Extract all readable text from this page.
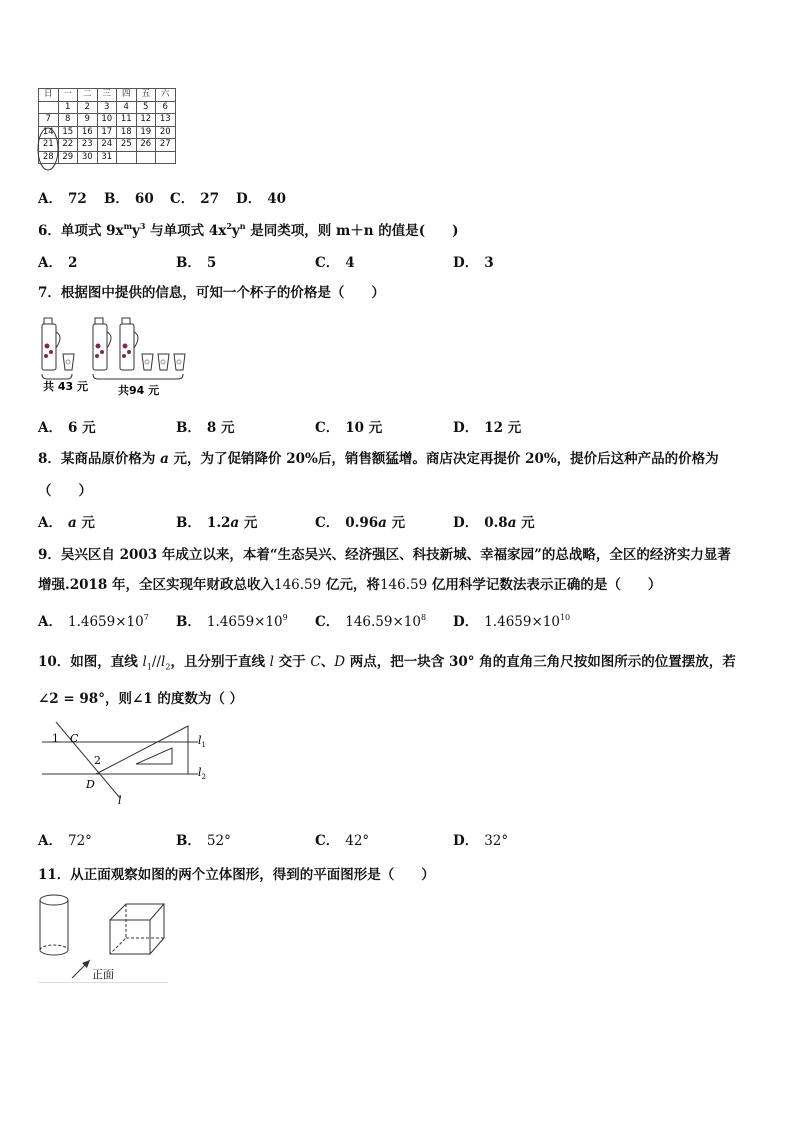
日	一	二	三	四	五	六
	1	2	3	4	5	6
7	8	9	10	11	12	13
14	15	16	17	18	19	20
21	22	23	24	25	26	27
28	29	30	31			
A． 72 B． 60 C． 27 D． 40
6．单项式 $9x^my^3$ 与单项式 $4x^2y^n$ 是同类项，则 m＋n 的值是(　　)
A． 2	B． 5	C． 4	D． 3
7．根据图中提供的信息，可知一个杯子的价格是（　　）
共 43 元	共94 元
A． 6 元	B． 8 元	C． 10 元	D． 12 元
8．某商品原价格为 a 元，为了促销降价 20%后，销售额猛增。商店决定再提价 20%，提价后这种产品的价格为
（　　）
A． a 元	B． 1.2a 元	C． 0.96a 元	D． 0.8a 元
9．吴兴区自 2003 年成立以来，本着“生态吴兴、经济强区、科技新城、幸福家园”的总战略，全区的经济实力显著
增强.2018 年，全区实现年财政总收入146.59 亿元，将146.59 亿用科学记数法表示正确的是（　　）
A． $1.4659\times 10^7$ B． $1.4659\times 10^9$ C． $146.59\times 10^8$ D． $1.4659\times 10^{10}$
10．如图，直线 $l_1//l_2$，且分别于直线 l 交于 C、D 两点，把一块含 30° 角的直角三角尺按如图所示的位置摆放，若
∠2 = 98°，则∠1 的度数为（ ）
1 C
2
D
l
$l_1$
$l_2$
A． 72°	B． 52°	C． 42°	D． 32°
11．从正面观察如图的两个立体图形，得到的平面图形是（　　）
正面
